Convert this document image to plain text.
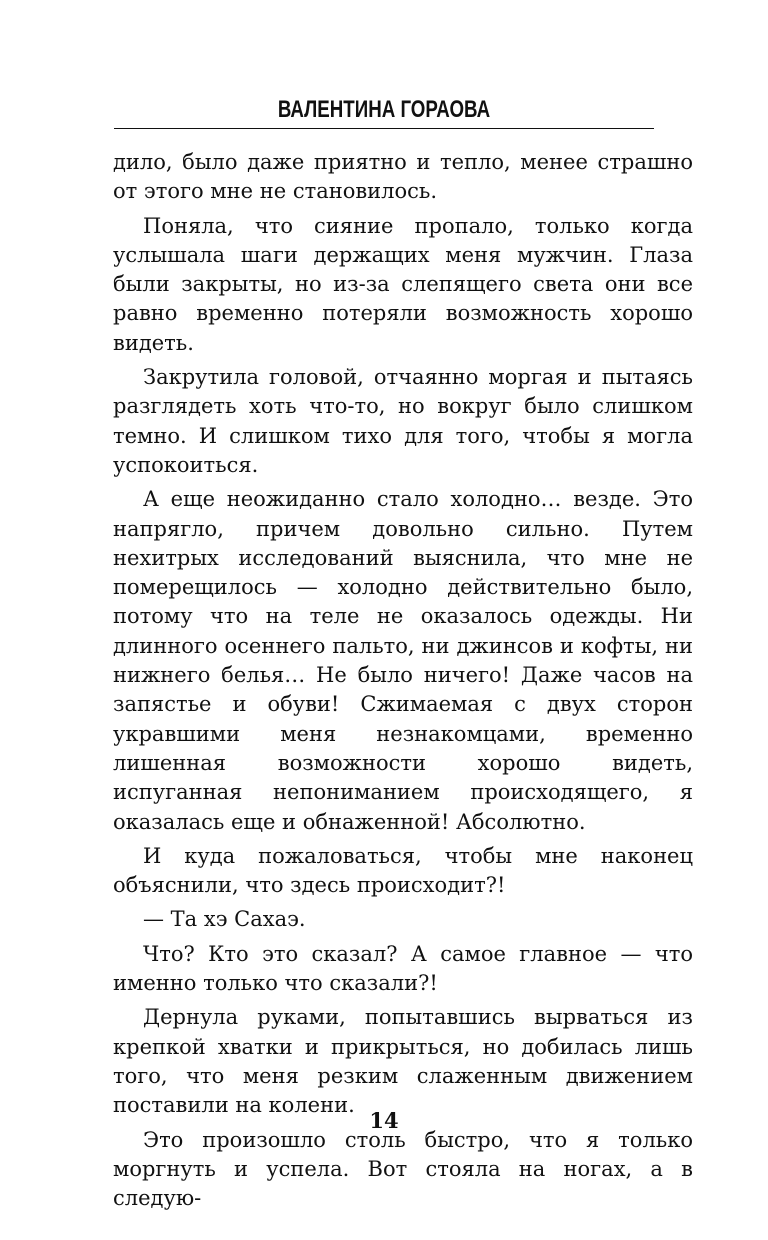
ВАЛЕНТИНА ГОРАОВА

дило, было даже приятно и тепло, менее страшно от этого мне не становилось.

Поняла, что сияние пропало, только когда услышала шаги держащих меня мужчин. Глаза были закрыты, но из-за слепящего света они все равно временно потеряли возможность хорошо видеть.

Закрутила головой, отчаянно моргая и пытаясь разглядеть хоть что-то, но вокруг было слишком темно. И слишком тихо для того, чтобы я могла успокоиться.

А еще неожиданно стало холодно… везде. Это напрягло, причем довольно сильно. Путем нехитрых исследований выяснила, что мне не померещилось — холодно действительно было, потому что на теле не оказалось одежды. Ни длинного осеннего пальто, ни джинсов и кофты, ни нижнего белья… Не было ничего! Даже часов на запястье и обуви! Сжимаемая с двух сторон укравшими меня незнакомцами, временно лишенная возможности хорошо видеть, испуганная непониманием происходящего, я оказалась еще и обнаженной! Абсолютно.

И куда пожаловаться, чтобы мне наконец объяснили, что здесь происходит?!

— Та хэ Сахаэ.

Что? Кто это сказал? А самое главное — что именно только что сказали?!

Дернула руками, попытавшись вырваться из крепкой хватки и прикрыться, но добилась лишь того, что меня резким слаженным движением поставили на колени.

Это произошло столь быстро, что я только моргнуть и успела. Вот стояла на ногах, а в следую-

14
